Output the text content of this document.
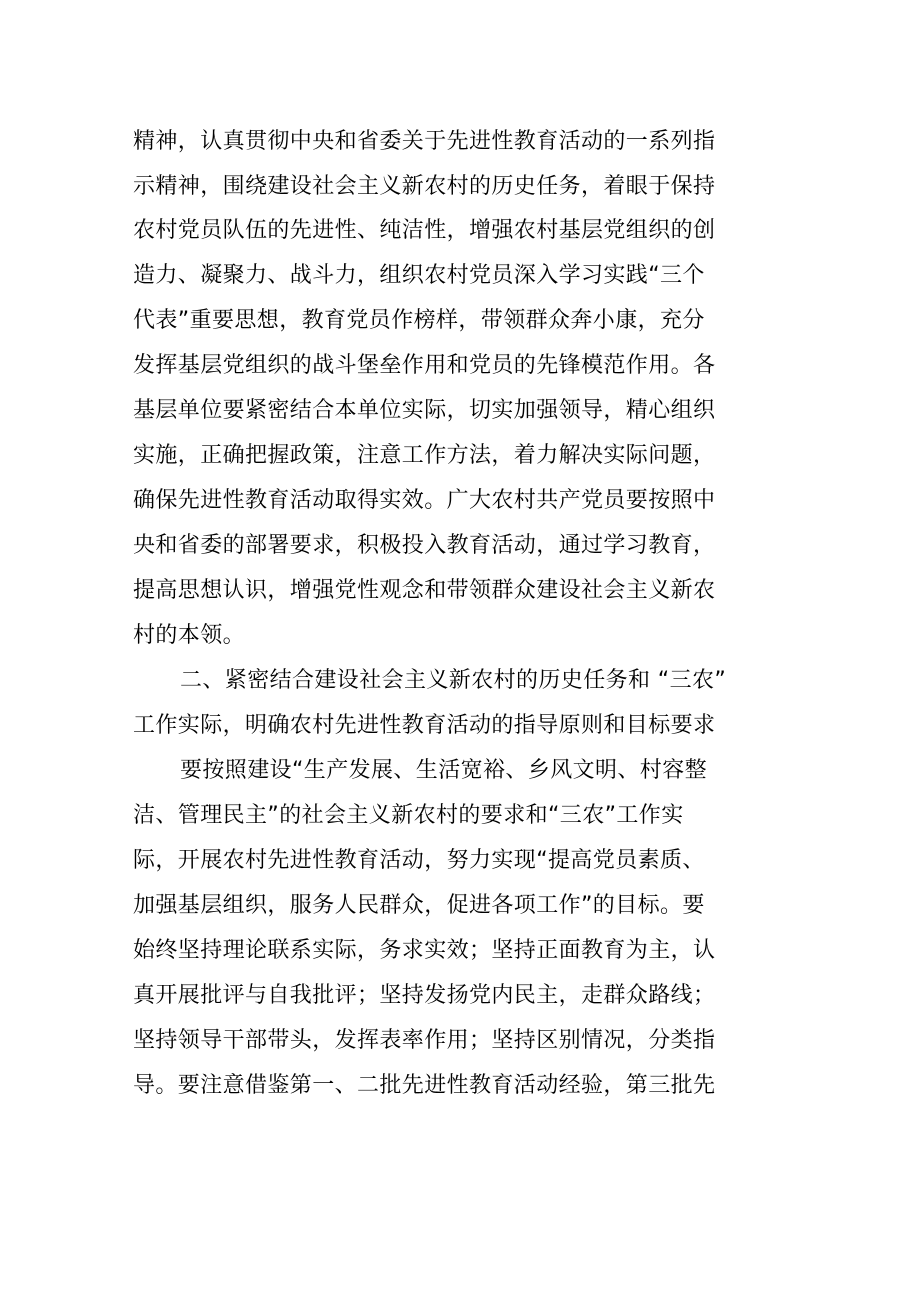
精神，认真贯彻中央和省委关于先进性教育活动的一系列指
示精神，围绕建设社会主义新农村的历史任务，着眼于保持
农村党员队伍的先进性、纯洁性，增强农村基层党组织的创
造力、凝聚力、战斗力，组织农村党员深入学习实践“三个
代表”重要思想，教育党员作榜样，带领群众奔小康，充分
发挥基层党组织的战斗堡垒作用和党员的先锋模范作用。各
基层单位要紧密结合本单位实际，切实加强领导，精心组织
实施，正确把握政策，注意工作方法，着力解决实际问题，
确保先进性教育活动取得实效。广大农村共产党员要按照中
央和省委的部署要求，积极投入教育活动，通过学习教育，
提高思想认识，增强党性观念和带领群众建设社会主义新农
村的本领。
二、紧密结合建设社会主义新农村的历史任务和 “三农”
工作实际，明确农村先进性教育活动的指导原则和目标要求
要按照建设“生产发展、生活宽裕、乡风文明、村容整
洁、管理民主”的社会主义新农村的要求和“三农”工作实
际，开展农村先进性教育活动，努力实现“提高党员素质、
加强基层组织，服务人民群众，促进各项工作”的目标。要
始终坚持理论联系实际，务求实效；坚持正面教育为主，认
真开展批评与自我批评；坚持发扬党内民主，走群众路线；
坚持领导干部带头，发挥表率作用；坚持区别情况，分类指
导。要注意借鉴第一、二批先进性教育活动经验，第三批先
